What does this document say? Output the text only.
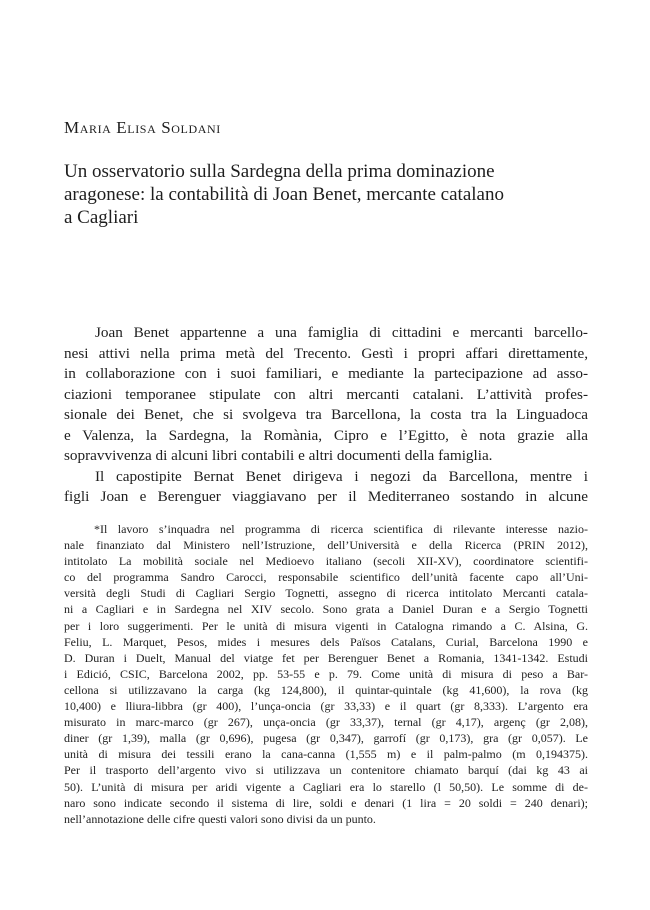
Maria Elisa Soldani
Un osservatorio sulla Sardegna della prima dominazione
aragonese: la contabilità di Joan Benet, mercante catalano
a Cagliari
Joan Benet appartenne a una famiglia di cittadini e mercanti barcello-
nesi attivi nella prima metà del Trecento. Gestì i propri affari direttamente,
in collaborazione con i suoi familiari, e mediante la partecipazione ad asso-
ciazioni temporanee stipulate con altri mercanti catalani. L’attività profes-
sionale dei Benet, che si svolgeva tra Barcellona, la costa tra la Linguadoca
e Valenza, la Sardegna, la Romània, Cipro e l’Egitto, è nota grazie alla
sopravvivenza di alcuni libri contabili e altri documenti della famiglia.
Il capostipite Bernat Benet dirigeva i negozi da Barcellona, mentre i
figli Joan e Berenguer viaggiavano per il Mediterraneo sostando in alcune
*Il lavoro s’inquadra nel programma di ricerca scientifica di rilevante interesse nazio-
nale finanziato dal Ministero nell’Istruzione, dell’Università e della Ricerca (PRIN 2012),
intitolato La mobilità sociale nel Medioevo italiano (secoli XII-XV), coordinatore scientifi-
co del programma Sandro Carocci, responsabile scientifico dell’unità facente capo all’Uni-
versità degli Studi di Cagliari Sergio Tognetti, assegno di ricerca intitolato Mercanti catala-
ni a Cagliari e in Sardegna nel XIV secolo. Sono grata a Daniel Duran e a Sergio Tognetti
per i loro suggerimenti. Per le unità di misura vigenti in Catalogna rimando a C. Alsina, G.
Feliu, L. Marquet, Pesos, mides i mesures dels Països Catalans, Curial, Barcelona 1990 e
D. Duran i Duelt, Manual del viatge fet per Berenguer Benet a Romania, 1341-1342. Estudi
i Edició, CSIC, Barcelona 2002, pp. 53-55 e p. 79. Come unità di misura di peso a Bar-
cellona si utilizzavano la carga (kg 124,800), il quintar-quintale (kg 41,600), la rova (kg
10,400) e lliura-libbra (gr 400), l’unça-oncia (gr 33,33) e il quart (gr 8,333). L’argento era
misurato in marc-marco (gr 267), unça-oncia (gr 33,37), ternal (gr 4,17), argenç (gr 2,08),
diner (gr 1,39), malla (gr 0,696), pugesa (gr 0,347), garrofí (gr 0,173), gra (gr 0,057). Le
unità di misura dei tessili erano la cana-canna (1,555 m) e il palm-palmo (m 0,194375).
Per il trasporto dell’argento vivo si utilizzava un contenitore chiamato barquí (dai kg 43 ai
50). L’unità di misura per aridi vigente a Cagliari era lo starello (l 50,50). Le somme di de-
naro sono indicate secondo il sistema di lire, soldi e denari (1 lira = 20 soldi = 240 denari);
nell’annotazione delle cifre questi valori sono divisi da un punto.
